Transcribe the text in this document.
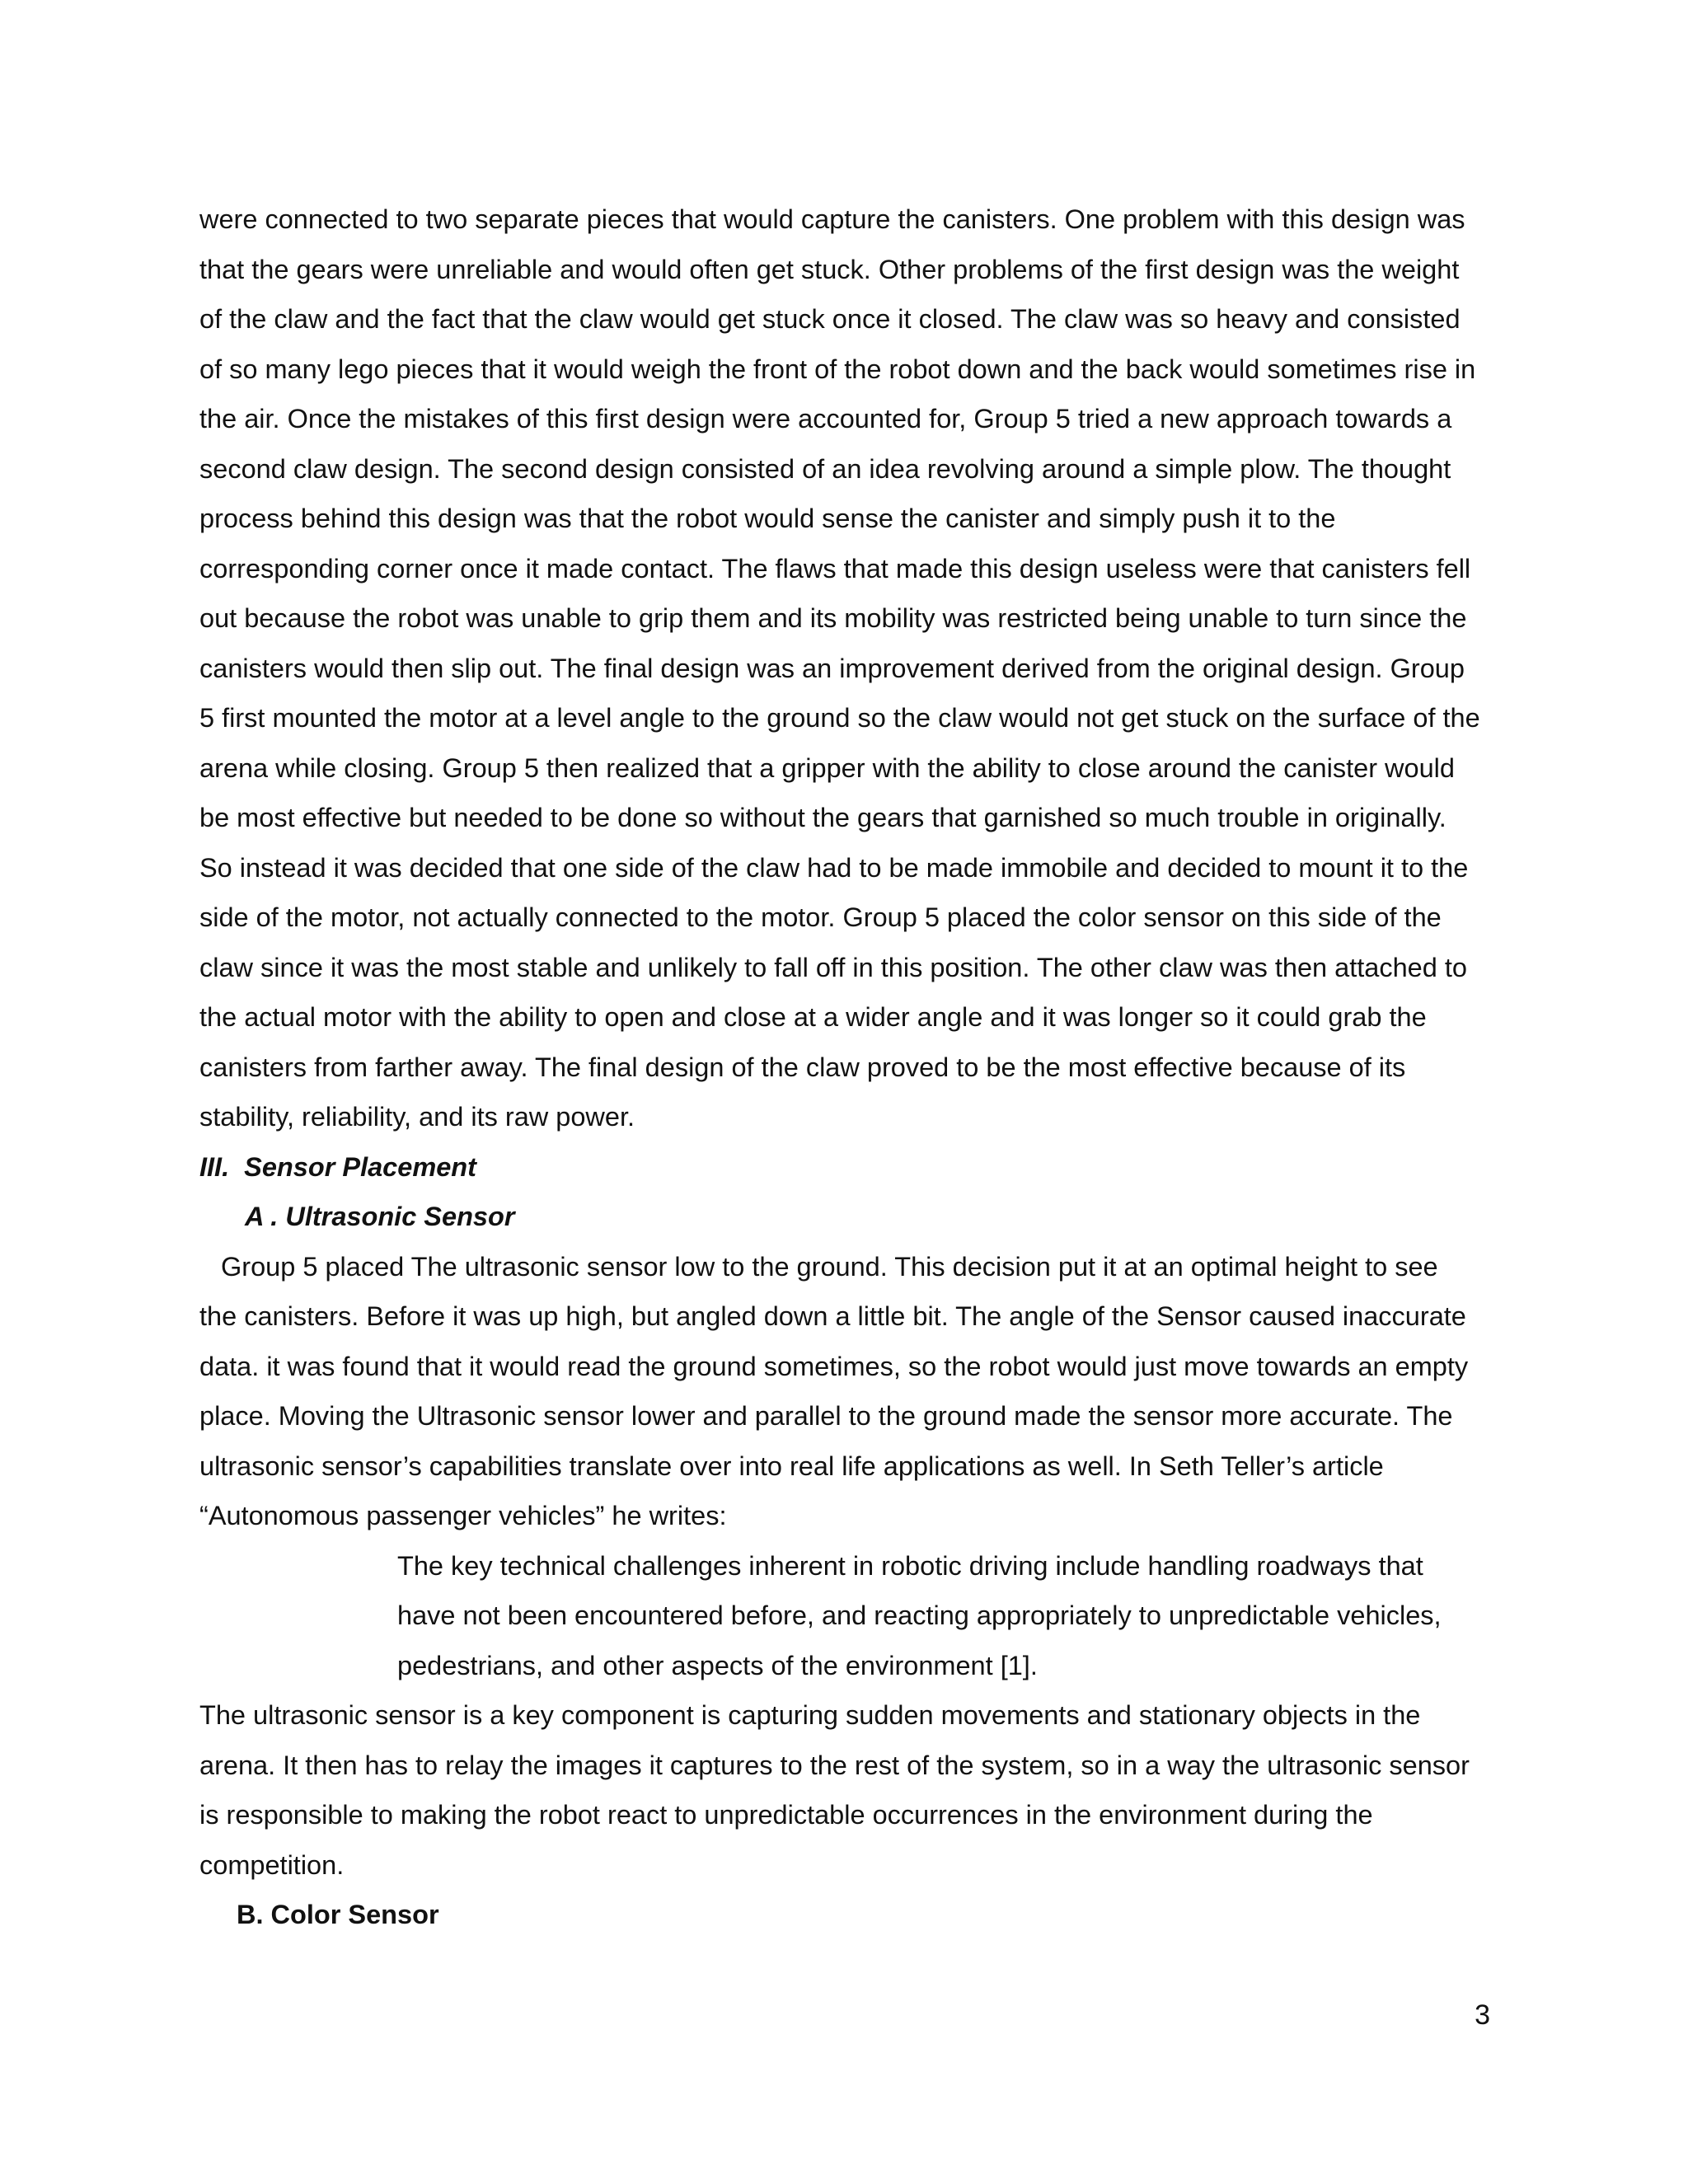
were connected to two separate pieces that would capture the canisters. One problem with this design was
that the gears were unreliable and would often get stuck. Other problems of the first design was the weight
of the claw and the fact that the claw would get stuck once it closed. The claw was so heavy and consisted
of so many lego pieces that it would weigh the front of the robot down and the back would sometimes rise in
the air. Once the mistakes of this first design were accounted for, Group 5 tried a new approach towards a
second claw design. The second design consisted of an idea revolving around a simple plow. The thought
process behind this design was that the robot would sense the canister and simply push it to the
corresponding corner once it made contact. The flaws that made this design useless were that canisters fell
out because the robot was unable to grip them and its mobility was restricted being unable to turn since the
canisters would then slip out. The final design was an improvement derived from the original design. Group
5 first mounted the motor at a level angle to the ground so the claw would not get stuck on the surface of the
arena while closing. Group 5 then realized that a gripper with the ability to close around the canister would
be most effective but needed to be done so without the gears that garnished so much trouble in originally.
So instead it was decided that one side of the claw had to be made immobile and decided to mount it to the
side of the motor, not actually connected to the motor. Group 5 placed the color sensor on this side of the
claw since it was the most stable and unlikely to fall off in this position. The other claw was then attached to
the actual motor with the ability to open and close at a wider angle and it was longer so it could grab the
canisters from farther away. The final design of the claw proved to be the most effective because of its
stability, reliability, and its raw power.
III.  Sensor Placement
A . Ultrasonic Sensor
Group 5 placed The ultrasonic sensor low to the ground. This decision put it at an optimal height to see
the canisters. Before it was up high, but angled down a little bit. The angle of the Sensor caused inaccurate
data. it was found that it would read the ground sometimes, so the robot would just move towards an empty
place. Moving the Ultrasonic sensor lower and parallel to the ground made the sensor more accurate. The
ultrasonic sensor’s capabilities translate over into real life applications as well. In Seth Teller’s article
“Autonomous passenger vehicles” he writes:
The key technical challenges inherent in robotic driving include handling roadways that
have not been encountered before, and reacting appropriately to unpredictable vehicles,
pedestrians, and other aspects of the environment [1].
The ultrasonic sensor is a key component is capturing sudden movements and stationary objects in the
arena. It then has to relay the images it captures to the rest of the system, so in a way the ultrasonic sensor
is responsible to making the robot react to unpredictable occurrences in the environment during the
competition.
B. Color Sensor
3
